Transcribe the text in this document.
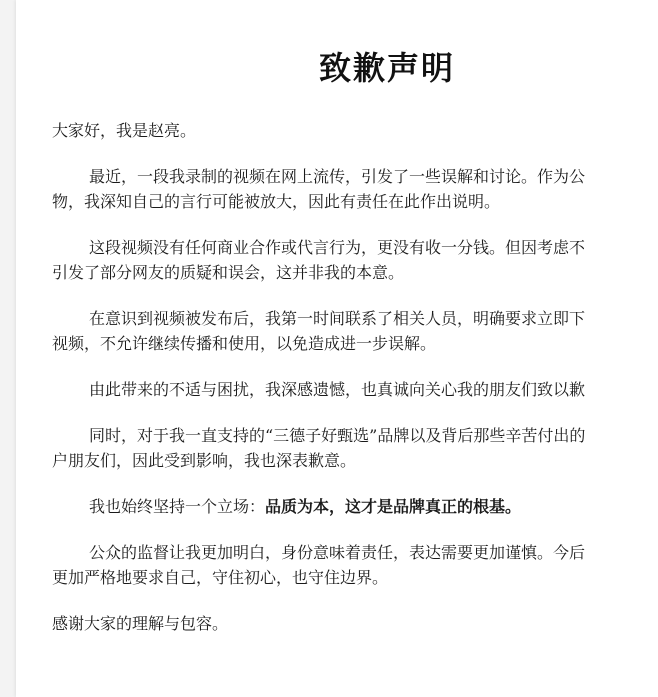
致歉声明

大家好，我是赵亮。

最近，一段我录制的视频在网上流传，引发了一些误解和讨论。作为公
物，我深知自己的言行可能被放大，因此有责任在此作出说明。

这段视频没有任何商业合作或代言行为，更没有收一分钱。但因考虑不
引发了部分网友的质疑和误会，这并非我的本意。

在意识到视频被发布后，我第一时间联系了相关人员，明确要求立即下
视频，不允许继续传播和使用，以免造成进一步误解。

由此带来的不适与困扰，我深感遗憾，也真诚向关心我的朋友们致以歉

同时，对于我一直支持的“三德子好甄选”品牌以及背后那些辛苦付出的
户朋友们，因此受到影响，我也深表歉意。

我也始终坚持一个立场：品质为本，这才是品牌真正的根基。

公众的监督让我更加明白，身份意味着责任，表达需要更加谨慎。今后
更加严格地要求自己，守住初心，也守住边界。

感谢大家的理解与包容。
